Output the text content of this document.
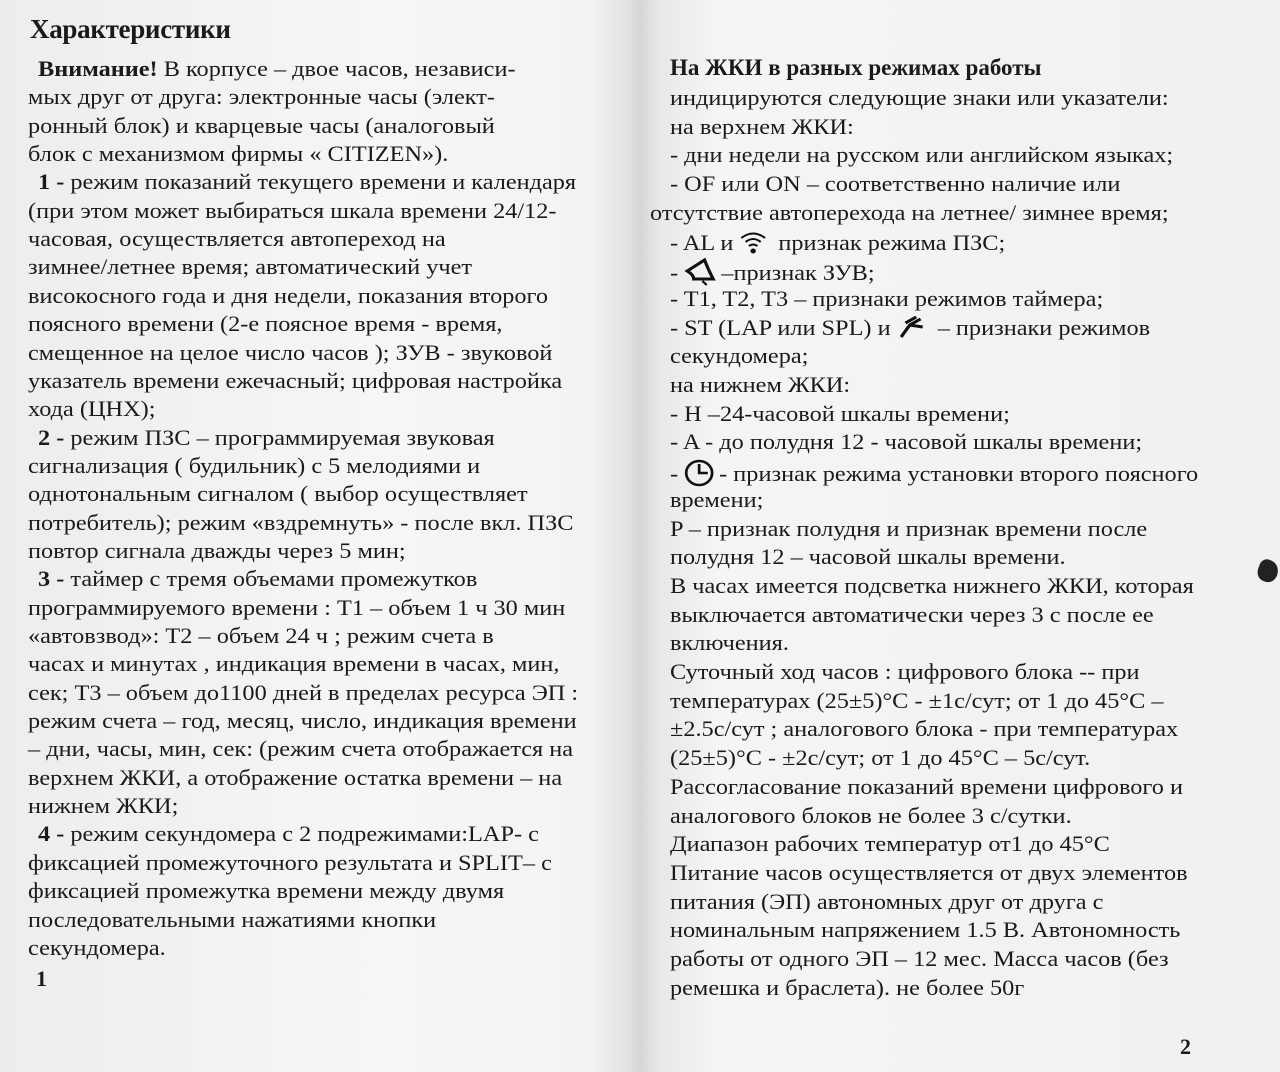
Характеристики
Внимание! В корпусе – двое часов, независи-
мых друг от друга: электронные часы (элект-
ронный блок) и кварцевые часы (аналоговый
блок с механизмом фирмы « CITIZEN»).
1 - режим показаний текущего времени и календаря
(при этом может выбираться шкала времени 24/12-
часовая, осуществляется автопереход на
зимнее/летнее время; автоматический учет
високосного года и дня недели, показания второго
поясного времени (2-е поясное время - время,
смещенное на целое число часов ); ЗУВ - звуковой
указатель времени ежечасный; цифровая настройка
хода (ЦНХ);
2 - режим ПЗС – программируемая звуковая
сигнализация ( будильник) с 5 мелодиями и
однотональным сигналом ( выбор осуществляет
потребитель); режим «вздремнуть» - после вкл. ПЗС
повтор сигнала дважды через 5 мин;
3 - таймер с тремя объемами промежутков
программируемого времени : T1 – объем 1 ч 30 мин
«автовзвод»: T2 – объем 24 ч ; режим счета в
часах и минутах , индикация времени в часах, мин,
сек; T3 – объем до1100 дней в пределах ресурса ЭП :
режим счета – год, месяц, число, индикация времени
– дни, часы, мин, сек: (режим счета отображается на
верхнем ЖКИ, а отображение остатка времени – на
нижнем ЖКИ;
4 - режим секундомера с 2 подрежимами:LAP- с
фиксацией промежуточного результата и SPLIT– с
фиксацией промежутка времени между двумя
последовательными нажатиями кнопки
секундомера.
1
На ЖКИ в разных режимах работы
индицируются следующие знаки или указатели:
на верхнем ЖКИ:
- дни недели на русском или английском языках;
- OF или ON – соответственно наличие или
отсутствие автоперехода на летнее/ зимнее время;
- AL и признак режима ПЗС;
- –признак ЗУВ;
- T1, T2, T3 – признаки режимов таймера;
- ST (LAP или SPL) и – признаки режимов
секундомера;
на нижнем ЖКИ:
- H –24-часовой шкалы времени;
- A - до полудня 12 - часовой шкалы времени;
- - признак режима установки второго поясного
времени;
P – признак полудня и признак времени после
полудня 12 – часовой шкалы времени.
В часах имеется подсветка нижнего ЖКИ, которая
выключается автоматически через 3 с после ее
включения.
Суточный ход часов : цифрового блока -- при
температурах (25±5)°C - ±1с/сут; от 1 до 45°C –
±2.5с/сут ; аналогового блока - при температурах
(25±5)°C - ±2с/сут; от 1 до 45°C – 5с/сут.
Рассогласование показаний времени цифрового и
аналогового блоков не более 3 с/сутки.
Диапазон рабочих температур от1 до 45°C
Питание часов осуществляется от двух элементов
питания (ЭП) автономных друг от друга с
номинальным напряжением 1.5 В. Автономность
работы от одного ЭП – 12 мес. Масса часов (без
ремешка и браслета). не более 50г
2
